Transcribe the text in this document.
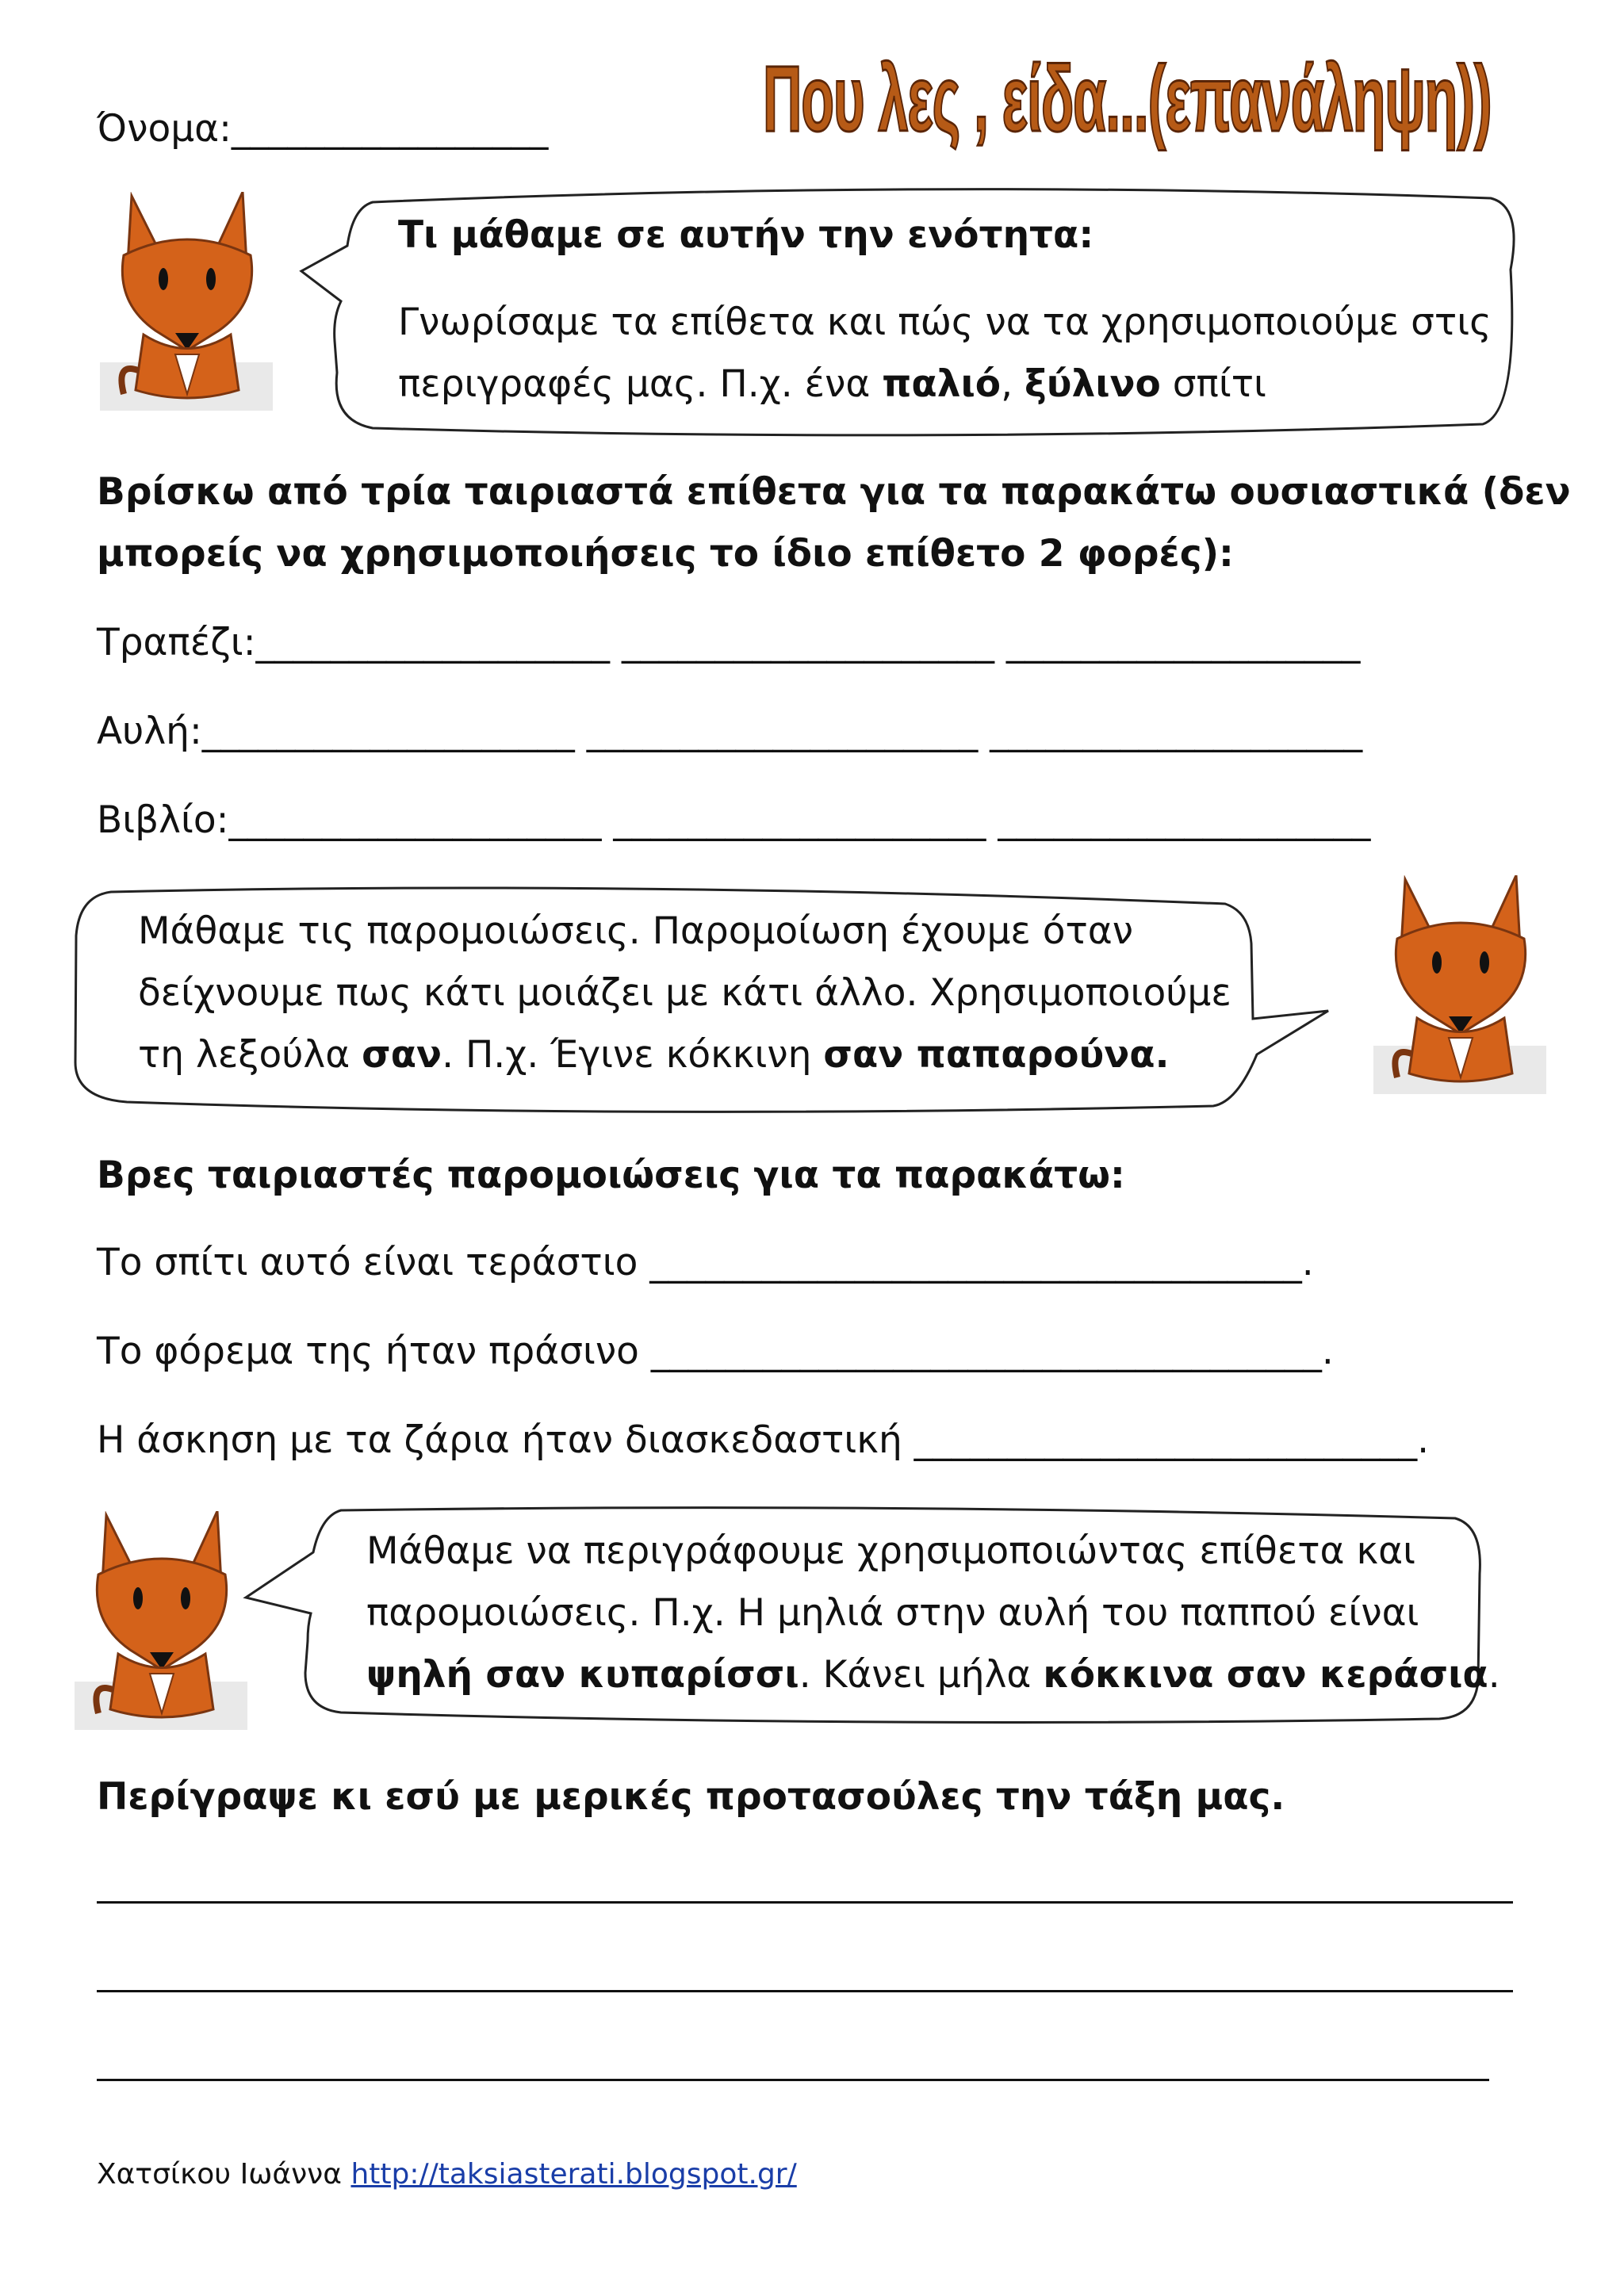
Όνομα:_________________ Που λες , είδα...(επανάληψη))
Τι μάθαμε σε αυτήν την ενότητα:
Γνωρίσαμε τα επίθετα και πώς να τα χρησιμοποιούμε στις
περιγραφές μας. Π.χ. ένα παλιό, ξύλινο σπίτι
Βρίσκω από τρία ταιριαστά επίθετα για τα παρακάτω ουσιαστικά (δεν
μπορείς να χρησιμοποιήσεις το ίδιο επίθετο 2 φορές):
Τραπέζι:___________________ ____________________ ___________________
Αυλή:____________________ _____________________ ____________________
Βιβλίο:____________________ ____________________ ____________________
Μάθαμε τις παρομοιώσεις. Παρομοίωση έχουμε όταν
δείχνουμε πως κάτι μοιάζει με κάτι άλλο. Χρησιμοποιούμε
τη λεξούλα σαν. Π.χ. Έγινε κόκκινη σαν παπαρούνα.
Βρες ταιριαστές παρομοιώσεις για τα παρακάτω:
Το σπίτι αυτό είναι τεράστιο ___________________________________.
Το φόρεμα της ήταν πράσινο ____________________________________.
Η άσκηση με τα ζάρια ήταν διασκεδαστική ___________________________.
Μάθαμε να περιγράφουμε χρησιμοποιώντας επίθετα και
παρομοιώσεις. Π.χ. Η μηλιά στην αυλή του παππού είναι
ψηλή σαν κυπαρίσσι. Κάνει μήλα κόκκινα σαν κεράσια.
Περίγραψε κι εσύ με μερικές προτασούλες την τάξη μας.
Χατσίκου Ιωάννα http://taksiasterati.blogspot.gr/
